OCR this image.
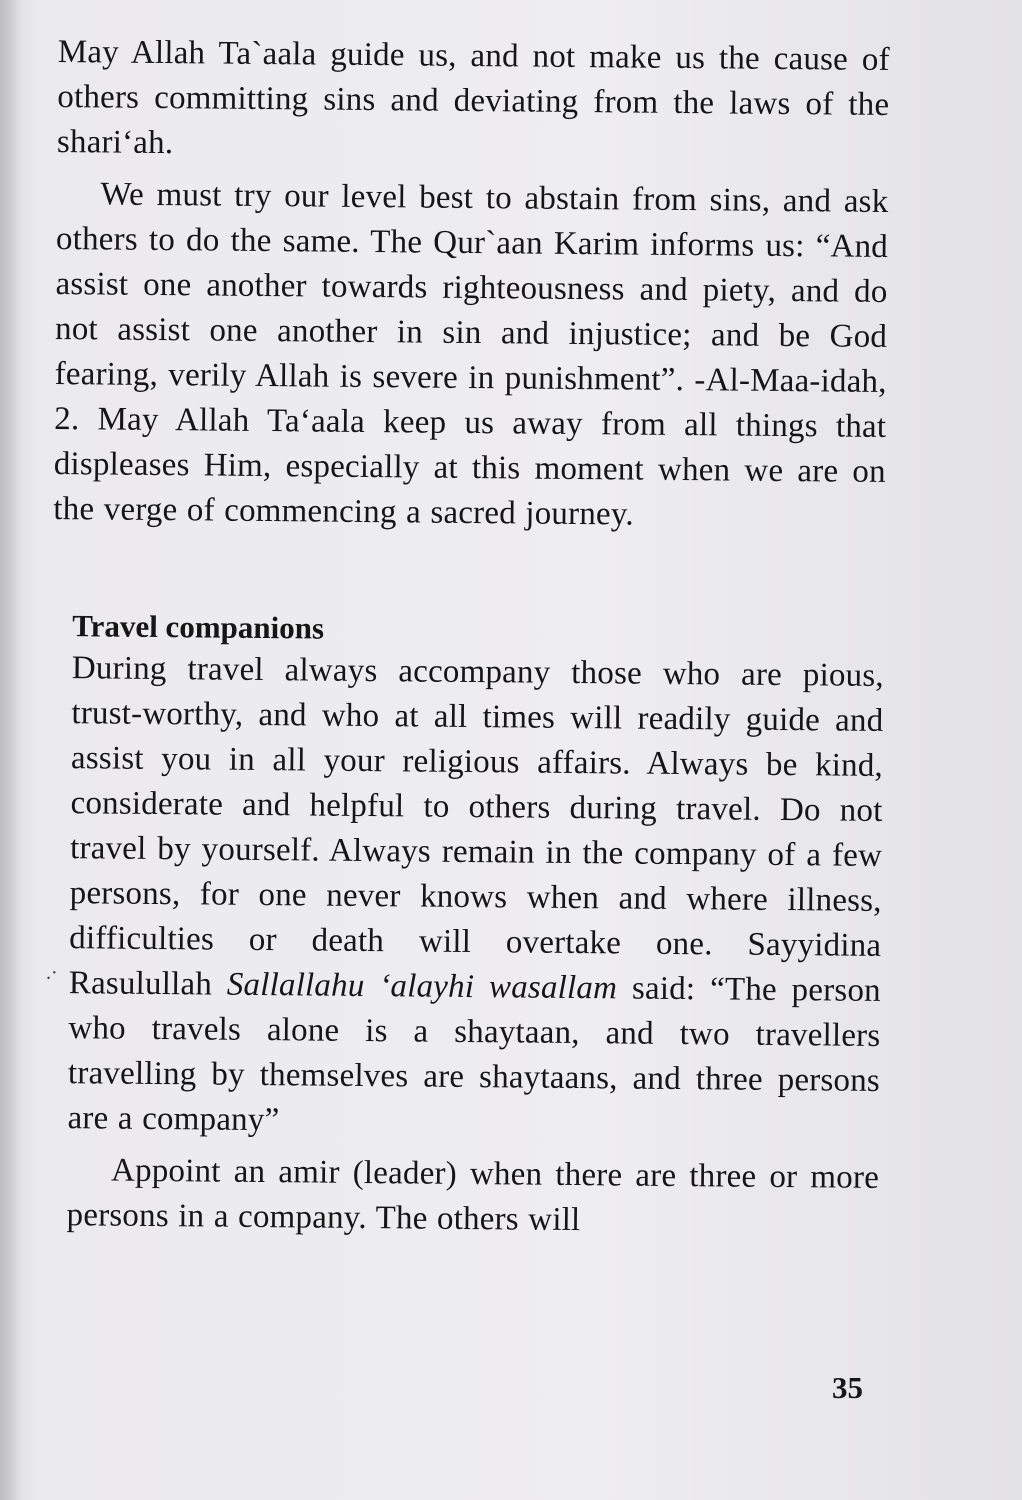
.·

May Allah Ta`aala guide us, and not make us the cause of others committing sins and deviating from the laws of the shari‘ah.

We must try our level best to abstain from sins, and ask others to do the same. The Qur`aan Karim informs us: “And assist one another towards righteousness and piety, and do not assist one another in sin and injustice; and be God fearing, verily Allah is severe in punishment”. -Al-Maa-idah, 2. May Allah Ta‘aala keep us away from all things that displeases Him, especially at this moment when we are on the verge of commencing a sacred journey.

Travel companions

During travel always accompany those who are pious, trust-worthy, and who at all times will readily guide and assist you in all your religious affairs. Always be kind, considerate and helpful to others during travel. Do not travel by yourself. Always remain in the company of a few persons, for one never knows when and where illness, difficulties or death will overtake one. Sayyidina Rasulullah Sallallahu ‘alayhi wasallam said: “The person who travels alone is a shaytaan, and two travellers travelling by themselves are shaytaans, and three persons are a company”

Appoint an amir (leader) when there are three or more persons in a company. The others will

35
